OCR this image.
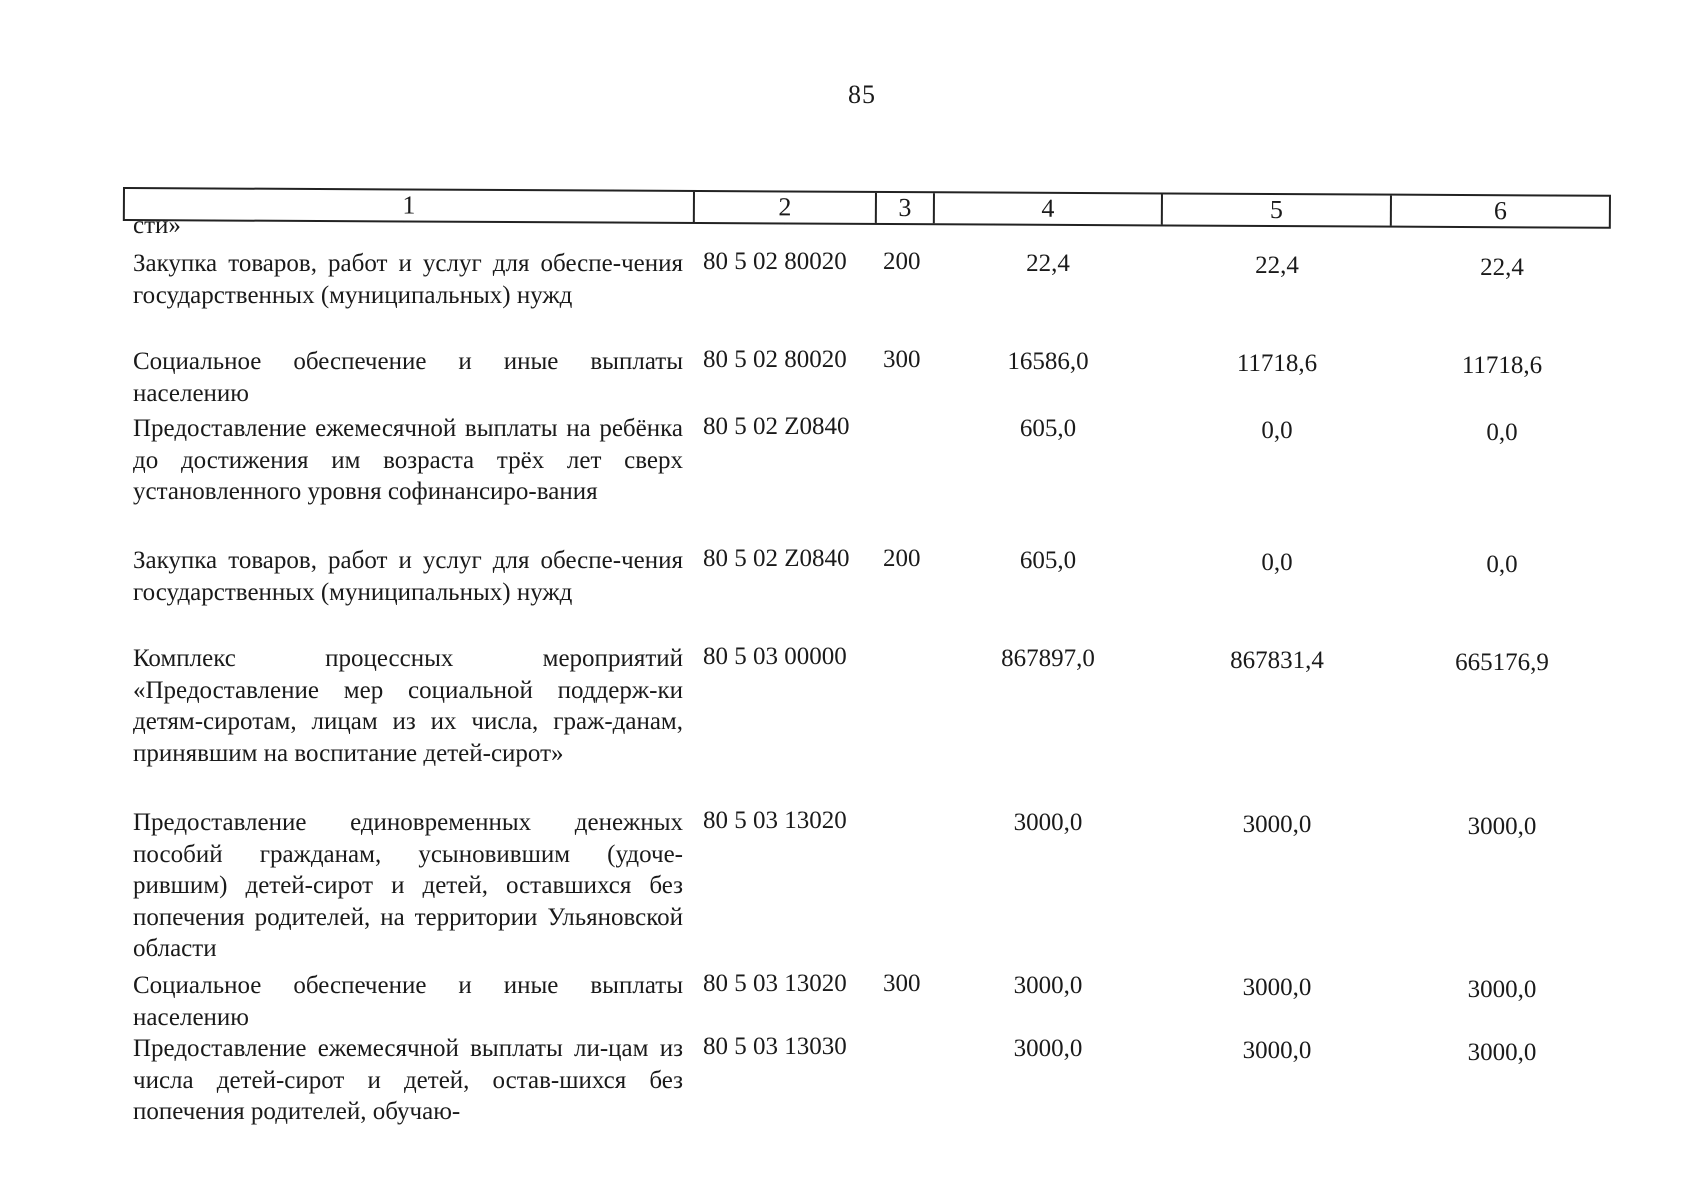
85
1	2	3	4	5	6
сти»
Закупка товаров, работ и услуг для обеспе-чения государственных (муниципальных) нужд
80 5 02 80020 200	22,4	22,4	22,4
Социальное обеспечение и иные выплаты населению
80 5 02 80020 300	16586,0	11718,6	11718,6
Предоставление ежемесячной выплаты на ребёнка до достижения им возраста трёх лет сверх установленного уровня софинансиро-вания
80 5 02 Z0840	605,0	0,0	0,0
Закупка товаров, работ и услуг для обеспе-чения государственных (муниципальных) нужд
80 5 02 Z0840 200	605,0	0,0	0,0
Комплекс процессных мероприятий «Предоставление мер социальной поддерж-ки детям-сиротам, лицам из их числа, граж-данам, принявшим на воспитание детей-сирот»
80 5 03 00000	867897,0	867831,4	665176,9
Предоставление единовременных денежных пособий гражданам, усыновившим (удоче-рившим) детей-сирот и детей, оставшихся без попечения родителей, на территории Ульяновской области
80 5 03 13020	3000,0	3000,0	3000,0
Социальное обеспечение и иные выплаты населению
80 5 03 13020 300	3000,0	3000,0	3000,0
Предоставление ежемесячной выплаты ли-цам из числа детей-сирот и детей, остав-шихся без попечения родителей, обучаю-
80 5 03 13030	3000,0	3000,0	3000,0
